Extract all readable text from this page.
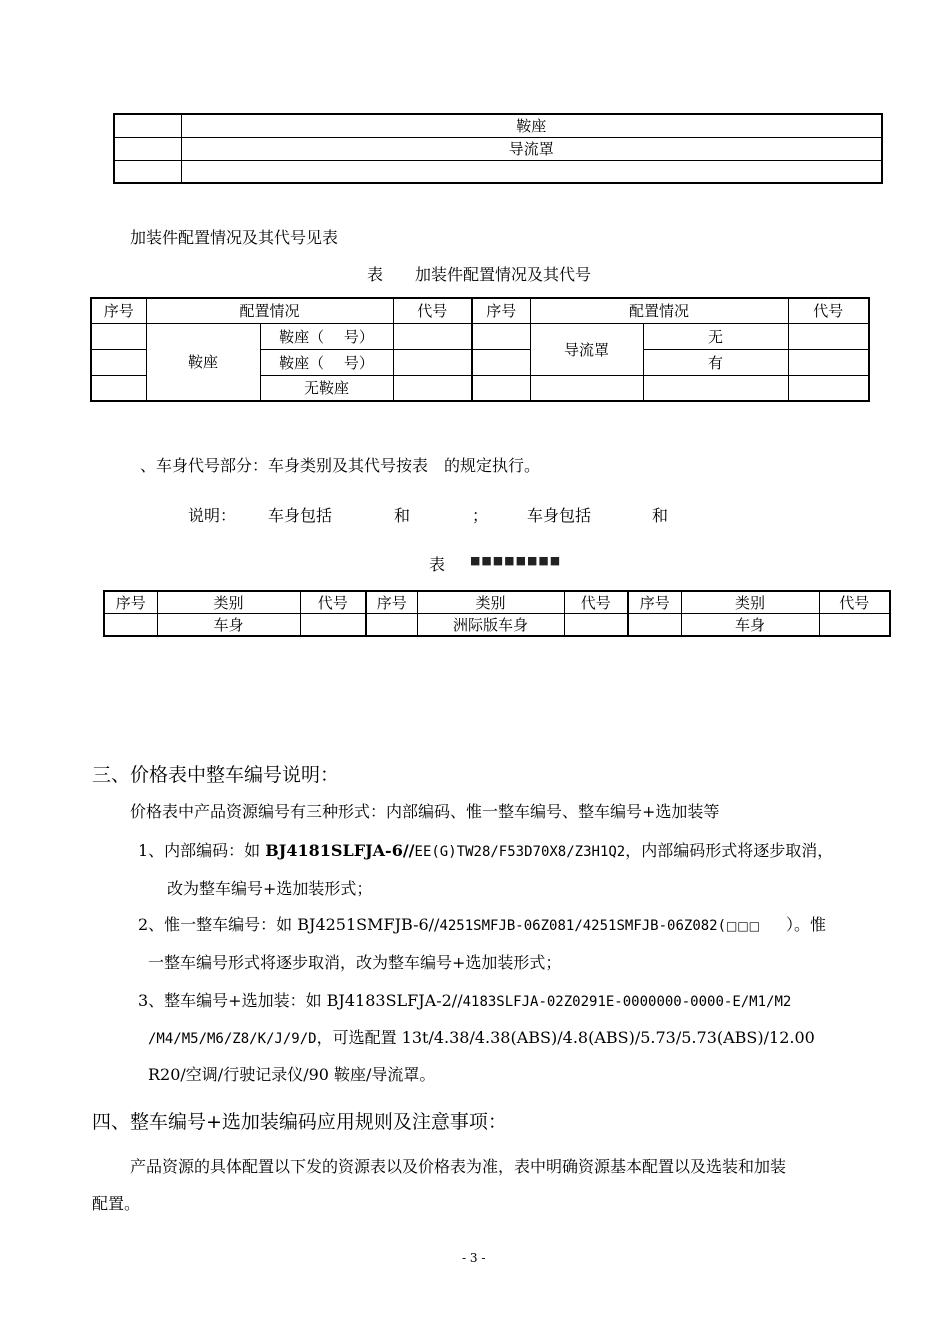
	鞍座
	导流罩

加装件配置情况及其代号见表
表　　加装件配置情况及其代号
序号	配置情况		代号	序号	配置情况		代号
	鞍座	鞍座（　 号）			导流罩	无	
		鞍座（　 号）				有	
		无鞍座					
、车身代号部分：车身类别及其代号按表　的规定执行。
说明： 车身包括	和	； 车身包括	和
表 ■■■■■■■■
序号	类别	代号	序号	类别	代号	序号	类别	代号
	车身			洲际版车身			车身	
三、价格表中整车编号说明：
价格表中产品资源编号有三种形式：内部编码、惟一整车编号、整车编号+选加装等
1、内部编码：如 BJ4181SLFJA-6//EE(G)TW28/F53D70X8/Z3H1Q2，内部编码形式将逐步取消，
改为整车编号+选加装形式；
2、惟一整车编号：如 BJ4251SMFJB-6//4251SMFJB-06Z081/4251SMFJB-06Z082(□□□ ）。惟
一整车编号形式将逐步取消，改为整车编号+选加装形式；
3、整车编号+选加装：如 BJ4183SLFJA-2//4183SLFJA-02Z0291E-0000000-0000-E/M1/M2
/M4/M5/M6/Z8/K/J/9/D，可选配置 13t/4.38/4.38(ABS)/4.8(ABS)/5.73/5.73(ABS)/12.00
R20/空调/行驶记录仪/90 鞍座/导流罩。
四、整车编号+选加装编码应用规则及注意事项：
产品资源的具体配置以下发的资源表以及价格表为准，表中明确资源基本配置以及选装和加装
配置。
- 3 -
